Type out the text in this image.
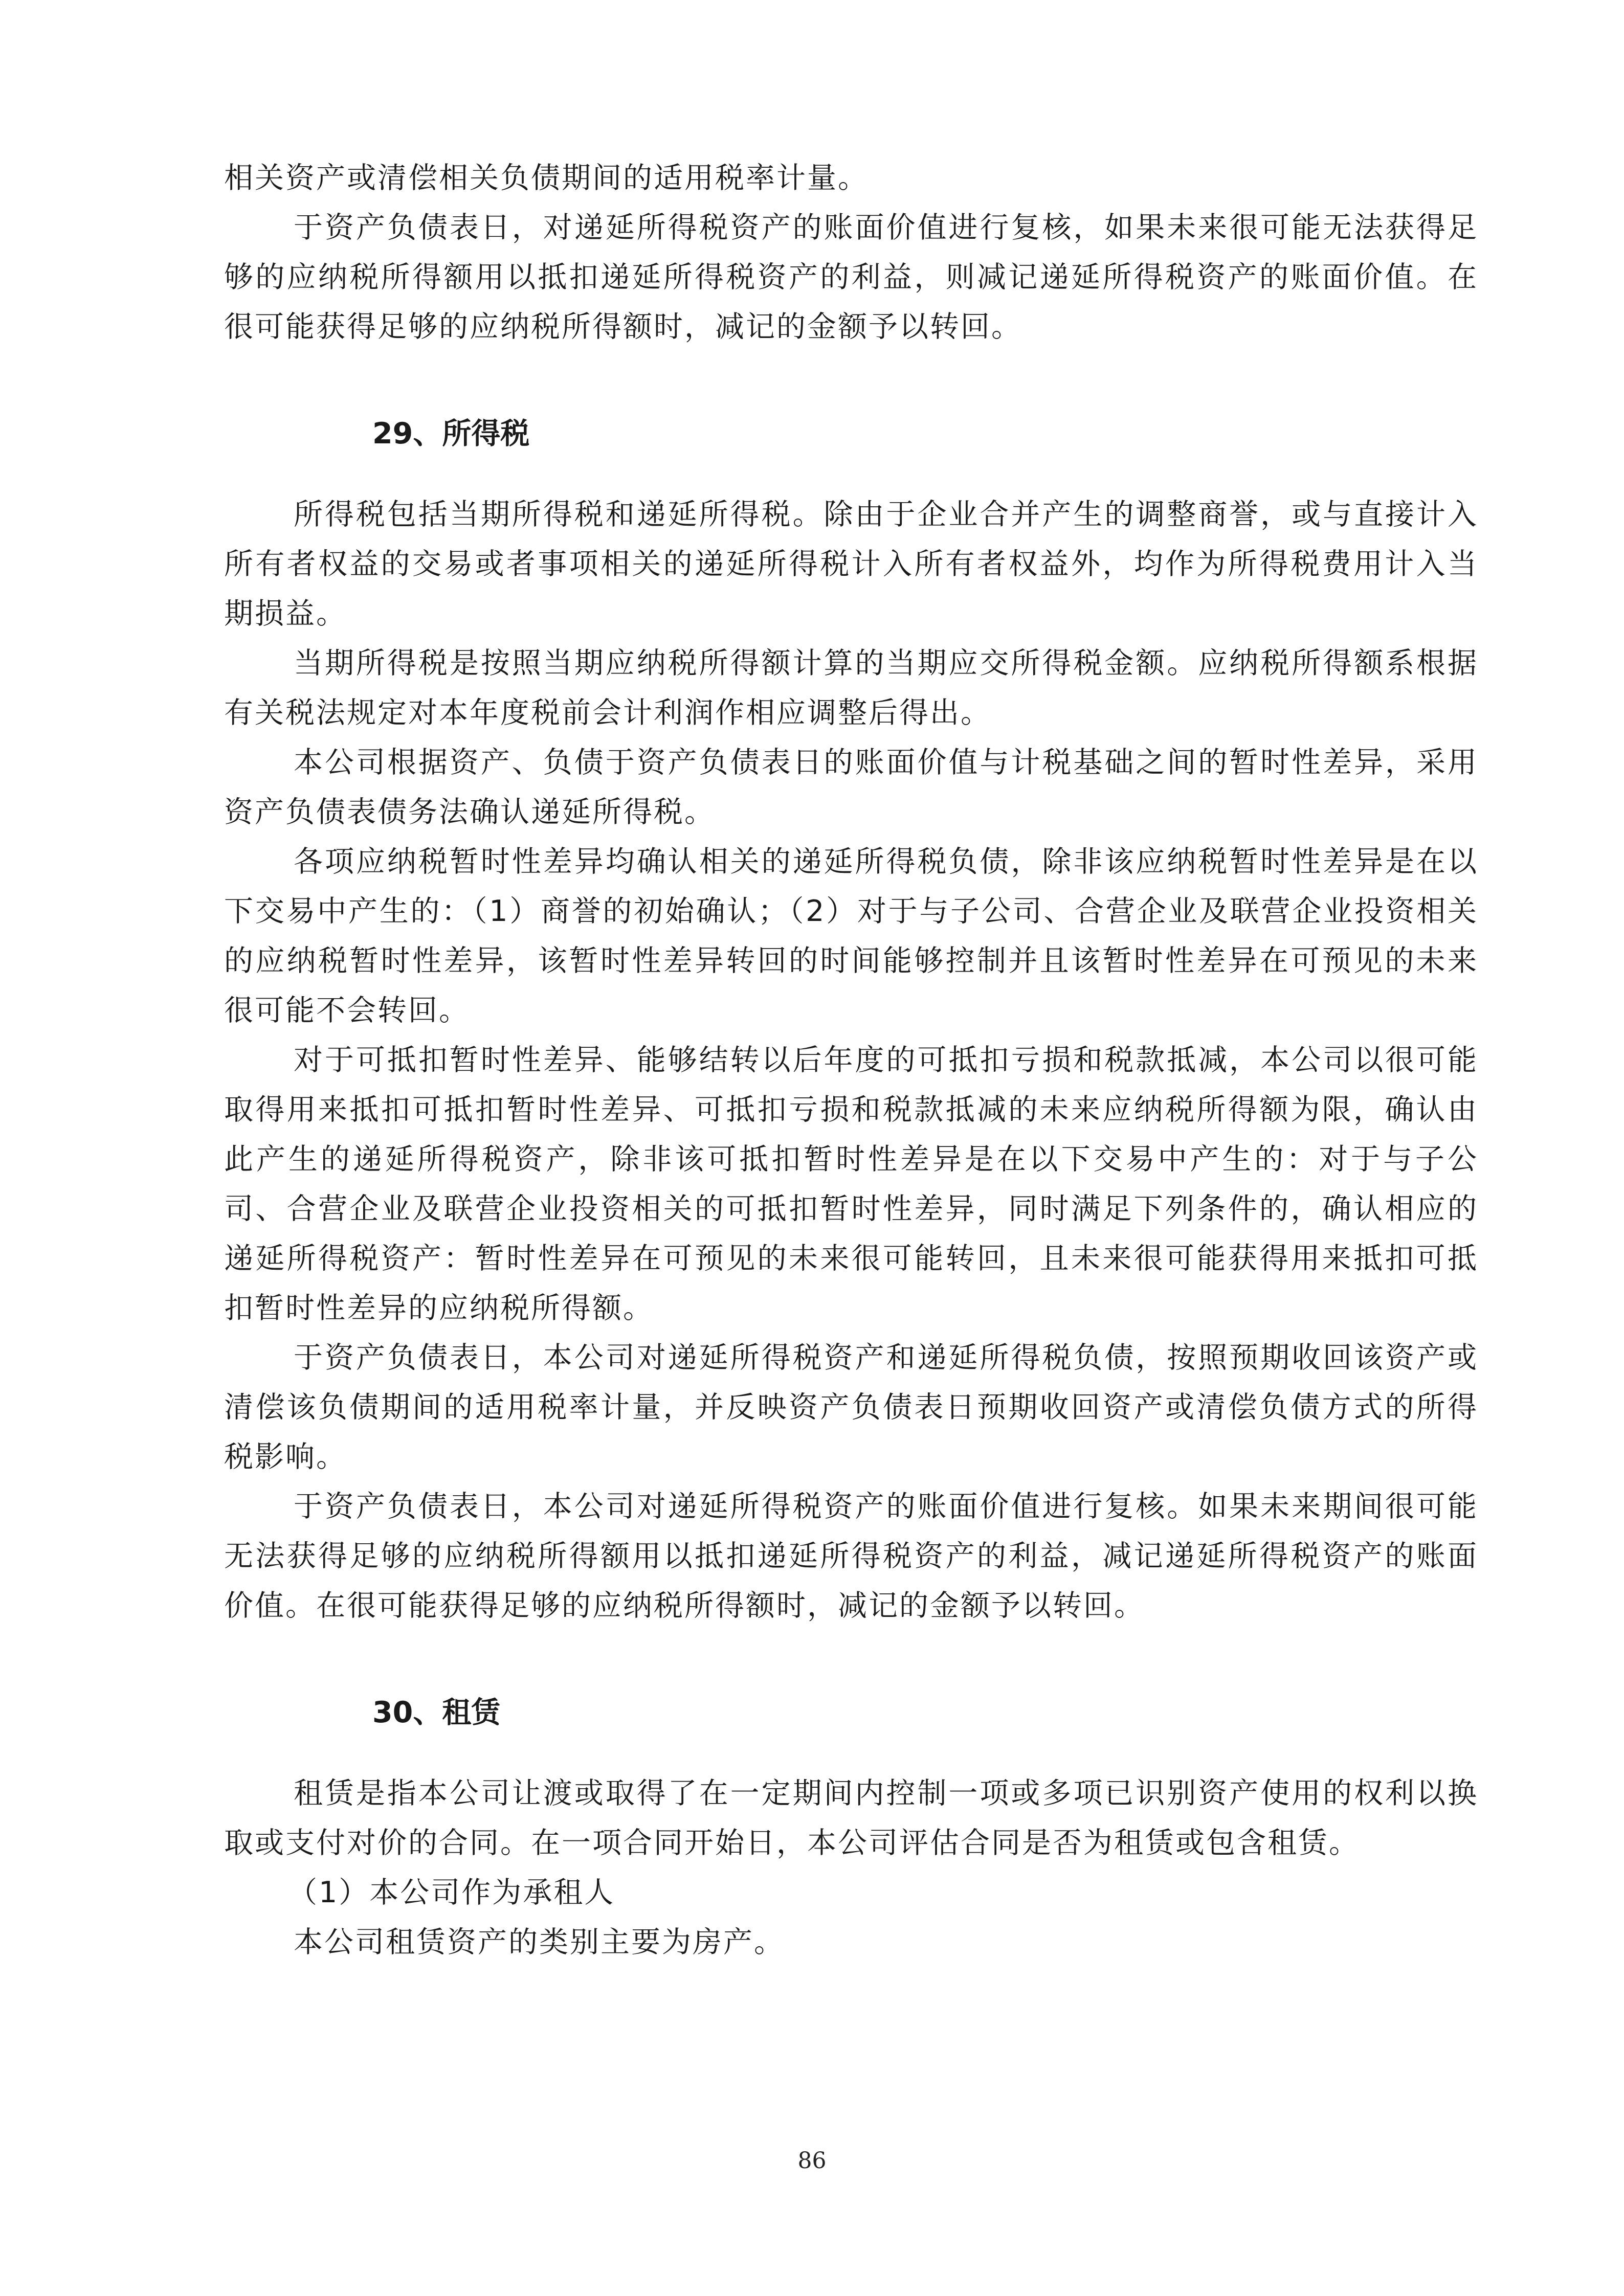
相关资产或清偿相关负债期间的适用税率计量。

于资产负债表日，对递延所得税资产的账面价值进行复核，如果未来很可能无法获得足够的应纳税所得额用以抵扣递延所得税资产的利益，则减记递延所得税资产的账面价值。在很可能获得足够的应纳税所得额时，减记的金额予以转回。

29、所得税

所得税包括当期所得税和递延所得税。除由于企业合并产生的调整商誉，或与直接计入所有者权益的交易或者事项相关的递延所得税计入所有者权益外，均作为所得税费用计入当期损益。

当期所得税是按照当期应纳税所得额计算的当期应交所得税金额。应纳税所得额系根据有关税法规定对本年度税前会计利润作相应调整后得出。

本公司根据资产、负债于资产负债表日的账面价值与计税基础之间的暂时性差异，采用资产负债表债务法确认递延所得税。

各项应纳税暂时性差异均确认相关的递延所得税负债，除非该应纳税暂时性差异是在以下交易中产生的：（1）商誉的初始确认；（2）对于与子公司、合营企业及联营企业投资相关的应纳税暂时性差异，该暂时性差异转回的时间能够控制并且该暂时性差异在可预见的未来很可能不会转回。

对于可抵扣暂时性差异、能够结转以后年度的可抵扣亏损和税款抵减，本公司以很可能取得用来抵扣可抵扣暂时性差异、可抵扣亏损和税款抵减的未来应纳税所得额为限，确认由此产生的递延所得税资产，除非该可抵扣暂时性差异是在以下交易中产生的：对于与子公司、合营企业及联营企业投资相关的可抵扣暂时性差异，同时满足下列条件的，确认相应的递延所得税资产：暂时性差异在可预见的未来很可能转回，且未来很可能获得用来抵扣可抵扣暂时性差异的应纳税所得额。

于资产负债表日，本公司对递延所得税资产和递延所得税负债，按照预期收回该资产或清偿该负债期间的适用税率计量，并反映资产负债表日预期收回资产或清偿负债方式的所得税影响。

于资产负债表日，本公司对递延所得税资产的账面价值进行复核。如果未来期间很可能无法获得足够的应纳税所得额用以抵扣递延所得税资产的利益，减记递延所得税资产的账面价值。在很可能获得足够的应纳税所得额时，减记的金额予以转回。

30、租赁

租赁是指本公司让渡或取得了在一定期间内控制一项或多项已识别资产使用的权利以换取或支付对价的合同。在一项合同开始日，本公司评估合同是否为租赁或包含租赁。

（1）本公司作为承租人

本公司租赁资产的类别主要为房产。

86
